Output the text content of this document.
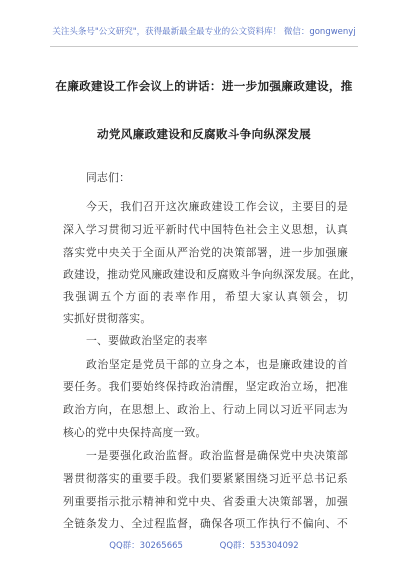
关注头条号"公文研究"，获得最新最全最专业的公文资料库！ 微信：gongwenyj
在廉政建设工作会议上的讲话：进一步加强廉政建设，推
动党风廉政建设和反腐败斗争向纵深发展
同志们：
今天，我们召开这次廉政建设工作会议，主要目的是
深入学习贯彻习近平新时代中国特色社会主义思想，认真
落实党中央关于全面从严治党的决策部署，进一步加强廉
政建设，推动党风廉政建设和反腐败斗争向纵深发展。在此，
我强调五个方面的表率作用，希望大家认真领会，切
实抓好贯彻落实。
一、要做政治坚定的表率
政治坚定是党员干部的立身之本，也是廉政建设的首
要任务。我们要始终保持政治清醒，坚定政治立场，把准
政治方向，在思想上、政治上、行动上同以习近平同志为
核心的党中央保持高度一致。
一是要强化政治监督。政治监督是确保党中央决策部
署贯彻落实的重要手段。我们要紧紧围绕习近平总书记系
列重要指示批示精神和党中央、省委重大决策部署，加强
全链条发力、全过程监督，确保各项工作执行不偏向、不
QQ群：30265665	QQ群：535304092
